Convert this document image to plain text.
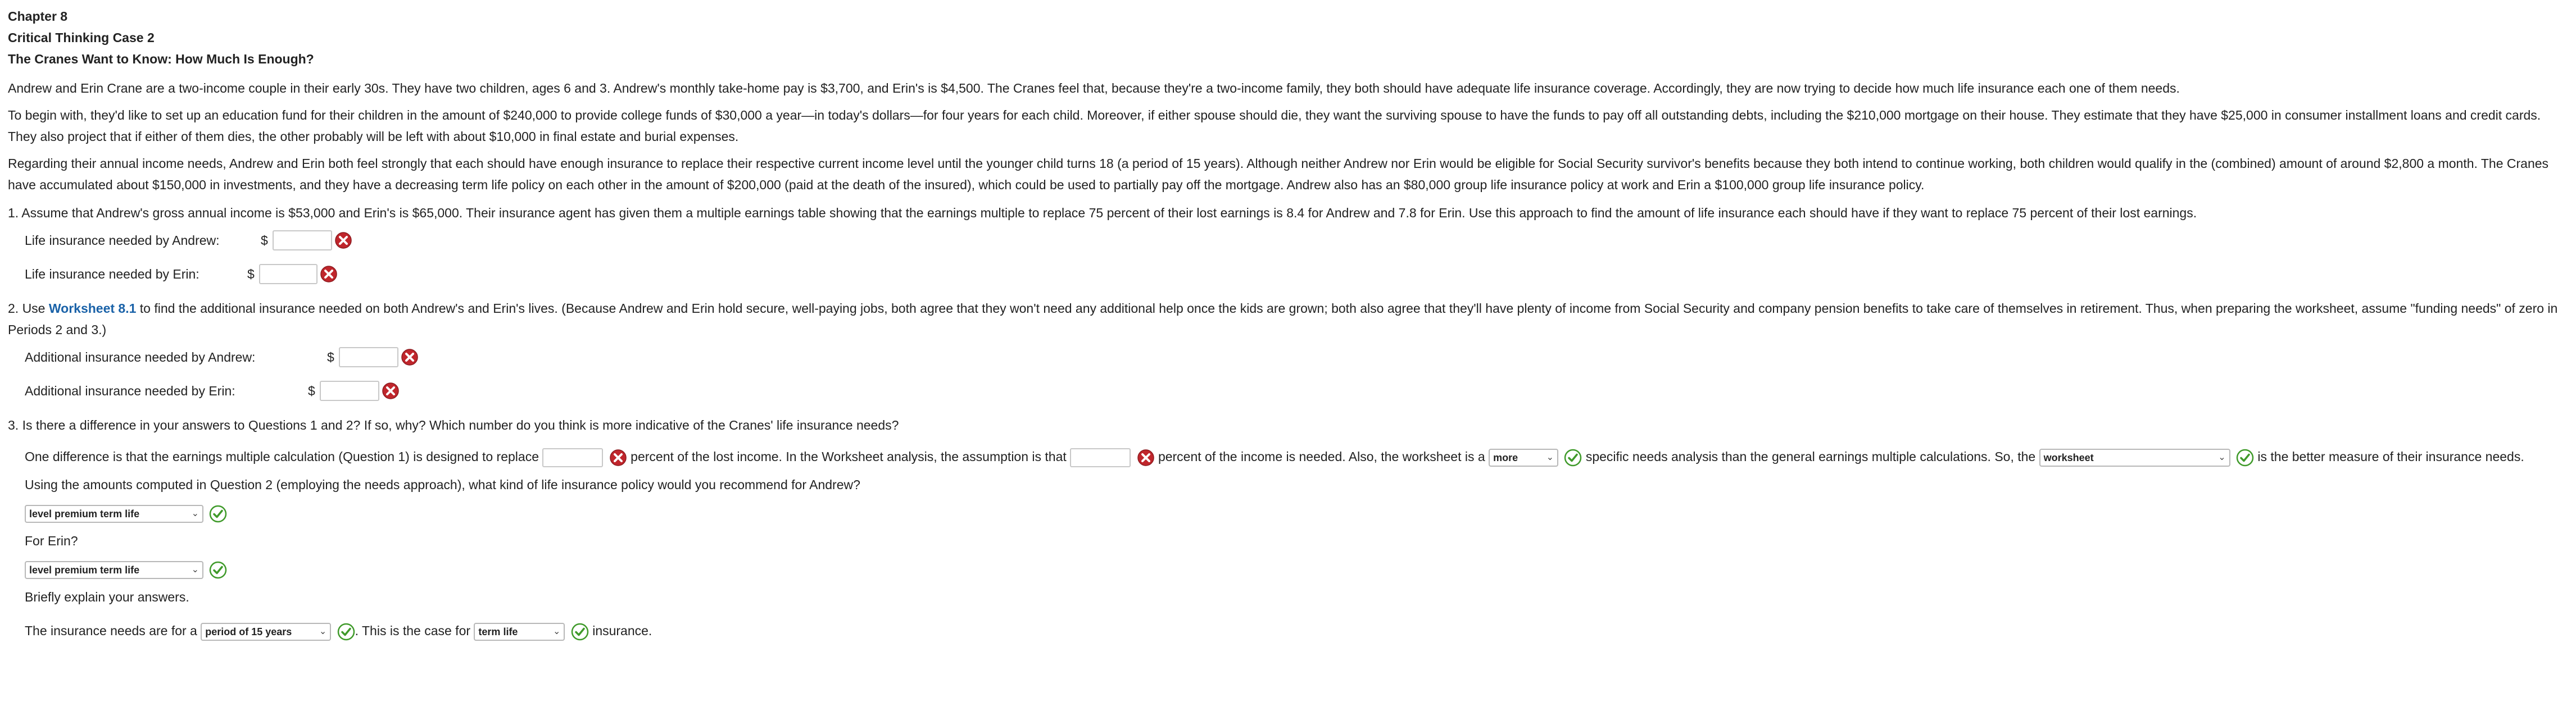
Chapter 8
Critical Thinking Case 2
The Cranes Want to Know: How Much Is Enough?

Andrew and Erin Crane are a two-income couple in their early 30s. They have two children, ages 6 and 3. Andrew's monthly take-home pay is $3,700, and Erin's is $4,500. The Cranes feel that, because they're a two-income family, they both should have adequate life insurance coverage. Accordingly, they are now trying to decide how much life insurance each one of them needs.

To begin with, they'd like to set up an education fund for their children in the amount of $240,000 to provide college funds of $30,000 a year—in today's dollars—for four years for each child. Moreover, if either spouse should die, they want the surviving spouse to have the funds to pay off all outstanding debts, including the $210,000 mortgage on their house. They estimate that they have $25,000 in consumer installment loans and credit cards. They also project that if either of them dies, the other probably will be left with about $10,000 in final estate and burial expenses.

Regarding their annual income needs, Andrew and Erin both feel strongly that each should have enough insurance to replace their respective current income level until the younger child turns 18 (a period of 15 years). Although neither Andrew nor Erin would be eligible for Social Security survivor's benefits because they both intend to continue working, both children would qualify in the (combined) amount of around $2,800 a month. The Cranes have accumulated about $150,000 in investments, and they have a decreasing term life policy on each other in the amount of $200,000 (paid at the death of the insured), which could be used to partially pay off the mortgage. Andrew also has an $80,000 group life insurance policy at work and Erin a $100,000 group life insurance policy.

1. Assume that Andrew's gross annual income is $53,000 and Erin's is $65,000. Their insurance agent has given them a multiple earnings table showing that the earnings multiple to replace 75 percent of their lost earnings is 8.4 for Andrew and 7.8 for Erin. Use this approach to find the amount of life insurance each should have if they want to replace 75 percent of their lost earnings.
Life insurance needed by Andrew:	$
Life insurance needed by Erin:	$
2. Use Worksheet 8.1 to find the additional insurance needed on both Andrew's and Erin's lives. (Because Andrew and Erin hold secure, well-paying jobs, both agree that they won't need any additional help once the kids are grown; both also agree that they'll have plenty of income from Social Security and company pension benefits to take care of themselves in retirement. Thus, when preparing the worksheet, assume "funding needs" of zero in Periods 2 and 3.)
Additional insurance needed by Andrew:	$
Additional insurance needed by Erin:	$
3. Is there a difference in your answers to Questions 1 and 2? If so, why? Which number do you think is more indicative of the Cranes' life insurance needs?
One difference is that the earnings multiple calculation (Question 1) is designed to replace	percent of the lost income. In the Worksheet analysis, the assumption is that	percent of the income is needed. Also, the worksheet is a more	⌄
specific needs analysis than the general earnings multiple calculations. So, the worksheet	⌄
is the better measure of their insurance needs.
Using the amounts computed in Question 2 (employing the needs approach), what kind of life insurance policy would you recommend for Andrew?
level premium term life	⌄

For Erin?
level premium term life	⌄

Briefly explain your answers.
The insurance needs are for a period of 15 years	⌄
. This is the case for term life	⌄
insurance.
